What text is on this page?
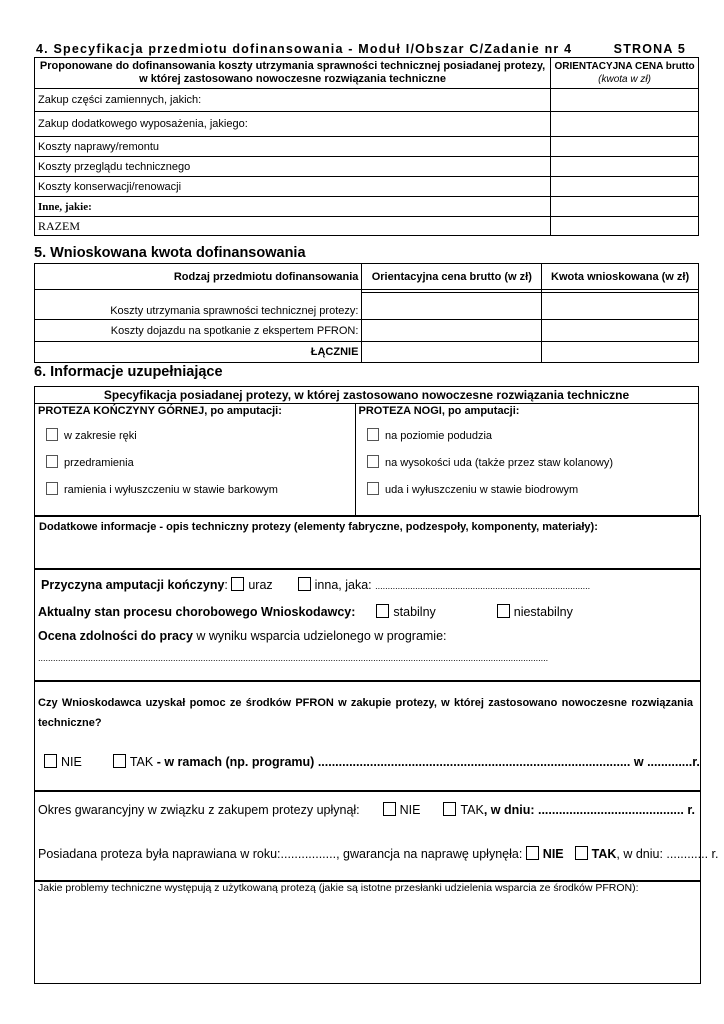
4. Specyfikacja przedmiotu dofinansowania - Moduł I/Obszar C/Zadanie nr 4	STRONA 5
Proponowane do dofinansowania koszty utrzymania sprawności technicznej posiadanej protezy,
w której zastosowano nowoczesne rozwiązania techniczne	ORIENTACYJNA CENA brutto
(kwota w zł)
Zakup części zamiennych, jakich:	
Zakup dodatkowego wyposażenia, jakiego:	
Koszty naprawy/remontu	
Koszty przeglądu technicznego	
Koszty konserwacji/renowacji	
Inne, jakie:	
RAZEM	
5. Wnioskowana kwota dofinansowania
Rodzaj przedmiotu dofinansowania	Orientacyjna cena brutto (w zł)	Kwota wnioskowana (w zł)

Koszty utrzymania sprawności technicznej protezy:		
Koszty dojazdu na spotkanie z ekspertem PFRON:		
ŁĄCZNIE		
6. Informacje uzupełniające
Specyfikacja posiadanej protezy, w której zastosowano nowoczesne rozwiązania techniczne
PROTEZA KOŃCZYNY GÓRNEJ, po amputacji:	PROTEZA NOGI, po amputacji:
w zakresie ręki
przedramienia
ramienia i wyłuszczeniu w stawie barkowym
na poziomie podudzia
na wysokości uda (także przez staw kolanowy)
uda i wyłuszczeniu w stawie biodrowym
Dodatkowe informacje - opis techniczny protezy (elementy fabryczne, podzespoły, komponenty, materiały):
Przyczyna amputacji kończyny: uraz	inna, jaka: ......................................................................................
Aktualny stan procesu chorobowego Wnioskodawcy:	stabilny	niestabilny
Ocena zdolności do pracy w wyniku wsparcia udzielonego w programie:
............................................................................................................................................................................................................
Czy Wnioskodawca uzyskał pomoc ze środków PFRON w zakupie protezy, w której zastosowano nowoczesne rozwiązania
techniczne?
NIE	TAK - w ramach (np. programu) .......................................................................................... w .............r.
Okres gwarancyjny w związku z zakupem protezy upłynął:	NIE	TAK, w dniu: .......................................... r.
Posiadana proteza była naprawiana w roku:................, gwarancja na naprawę upłynęła: NIE TAK, w dniu: ............ r.
Jakie problemy techniczne występują z użytkowaną protezą (jakie są istotne przesłanki udzielenia wsparcia ze środków PFRON):
